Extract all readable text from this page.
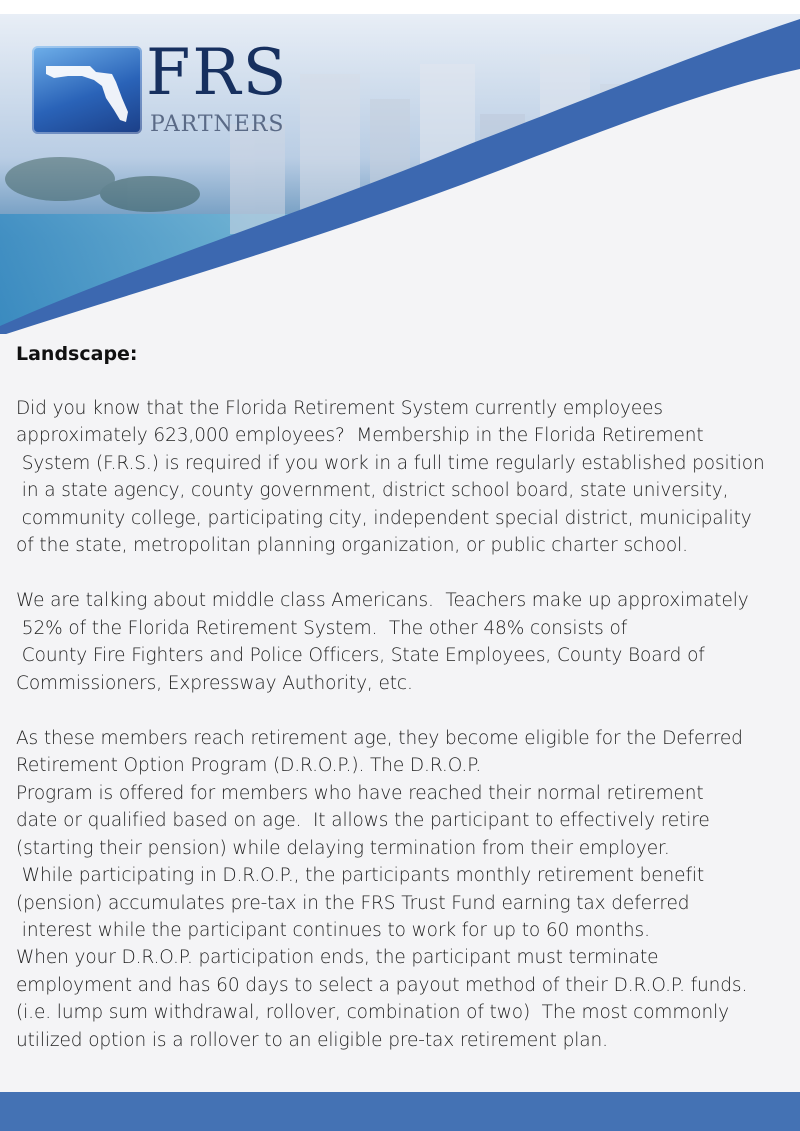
FRS
PARTNERS
Landscape:
Did you know that the Florida Retirement System currently employees
approximately 623,000 employees?  Membership in the Florida Retirement
System (F.R.S.) is required if you work in a full time regularly established position
in a state agency, county government, district school board, state university,
community college, participating city, independent special district, municipality
of the state, metropolitan planning organization, or public charter school.
We are talking about middle class Americans.  Teachers make up approximately
52% of the Florida Retirement System.  The other 48% consists of
County Fire Fighters and Police Officers, State Employees, County Board of
Commissioners, Expressway Authority, etc.
As these members reach retirement age, they become eligible for the Deferred
Retirement Option Program (D.R.O.P.). The D.R.O.P.
Program is offered for members who have reached their normal retirement
date or qualified based on age.  It allows the participant to effectively retire
(starting their pension) while delaying termination from their employer.
While participating in D.R.O.P., the participants monthly retirement benefit
(pension) accumulates pre-tax in the FRS Trust Fund earning tax deferred
interest while the participant continues to work for up to 60 months.
When your D.R.O.P. participation ends, the participant must terminate
employment and has 60 days to select a payout method of their D.R.O.P. funds.
(i.e. lump sum withdrawal, rollover, combination of two)  The most commonly
utilized option is a rollover to an eligible pre-tax retirement plan.
